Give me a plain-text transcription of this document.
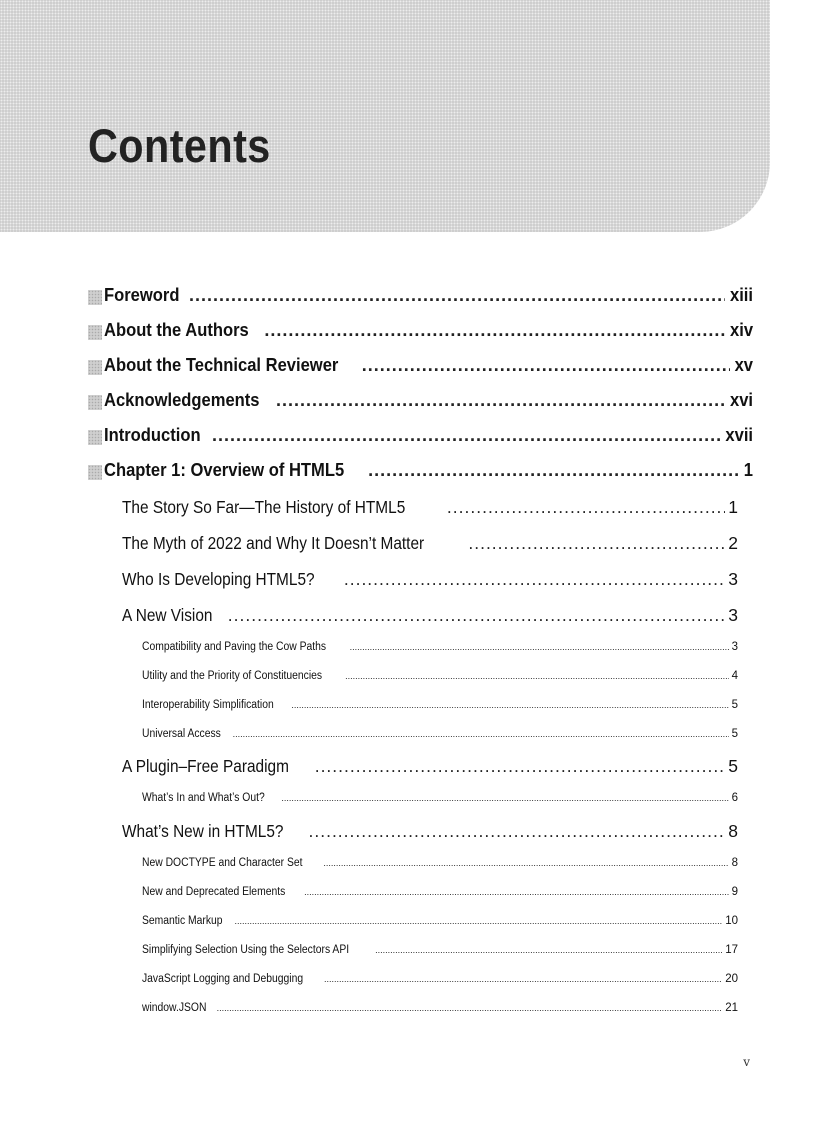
Contents
Foreword .....	xiii
About the Authors .....	xiv
About the Technical Reviewer .....	xv
Acknowledgements .....	xvi
Introduction .....	xvii
Chapter 1: Overview of HTML5 .....	1
The Story So Far—The History of HTML5 .....	1
The Myth of 2022 and Why It Doesn’t Matter .....	2
Who Is Developing HTML5? .....	3
A New Vision .....	3
Compatibility and Paving the Cow Paths .....	3
Utility and the Priority of Constituencies .....	4
Interoperability Simplification .....	5
Universal Access .....	5
A Plugin–Free Paradigm .....	5
What’s In and What’s Out? .....	6
What’s New in HTML5? .....	8
New DOCTYPE and Character Set .....	8
New and Deprecated Elements .....	9
Semantic Markup .....	10
Simplifying Selection Using the Selectors API .....	17
JavaScript Logging and Debugging .....	20
window.JSON .....	21
v
